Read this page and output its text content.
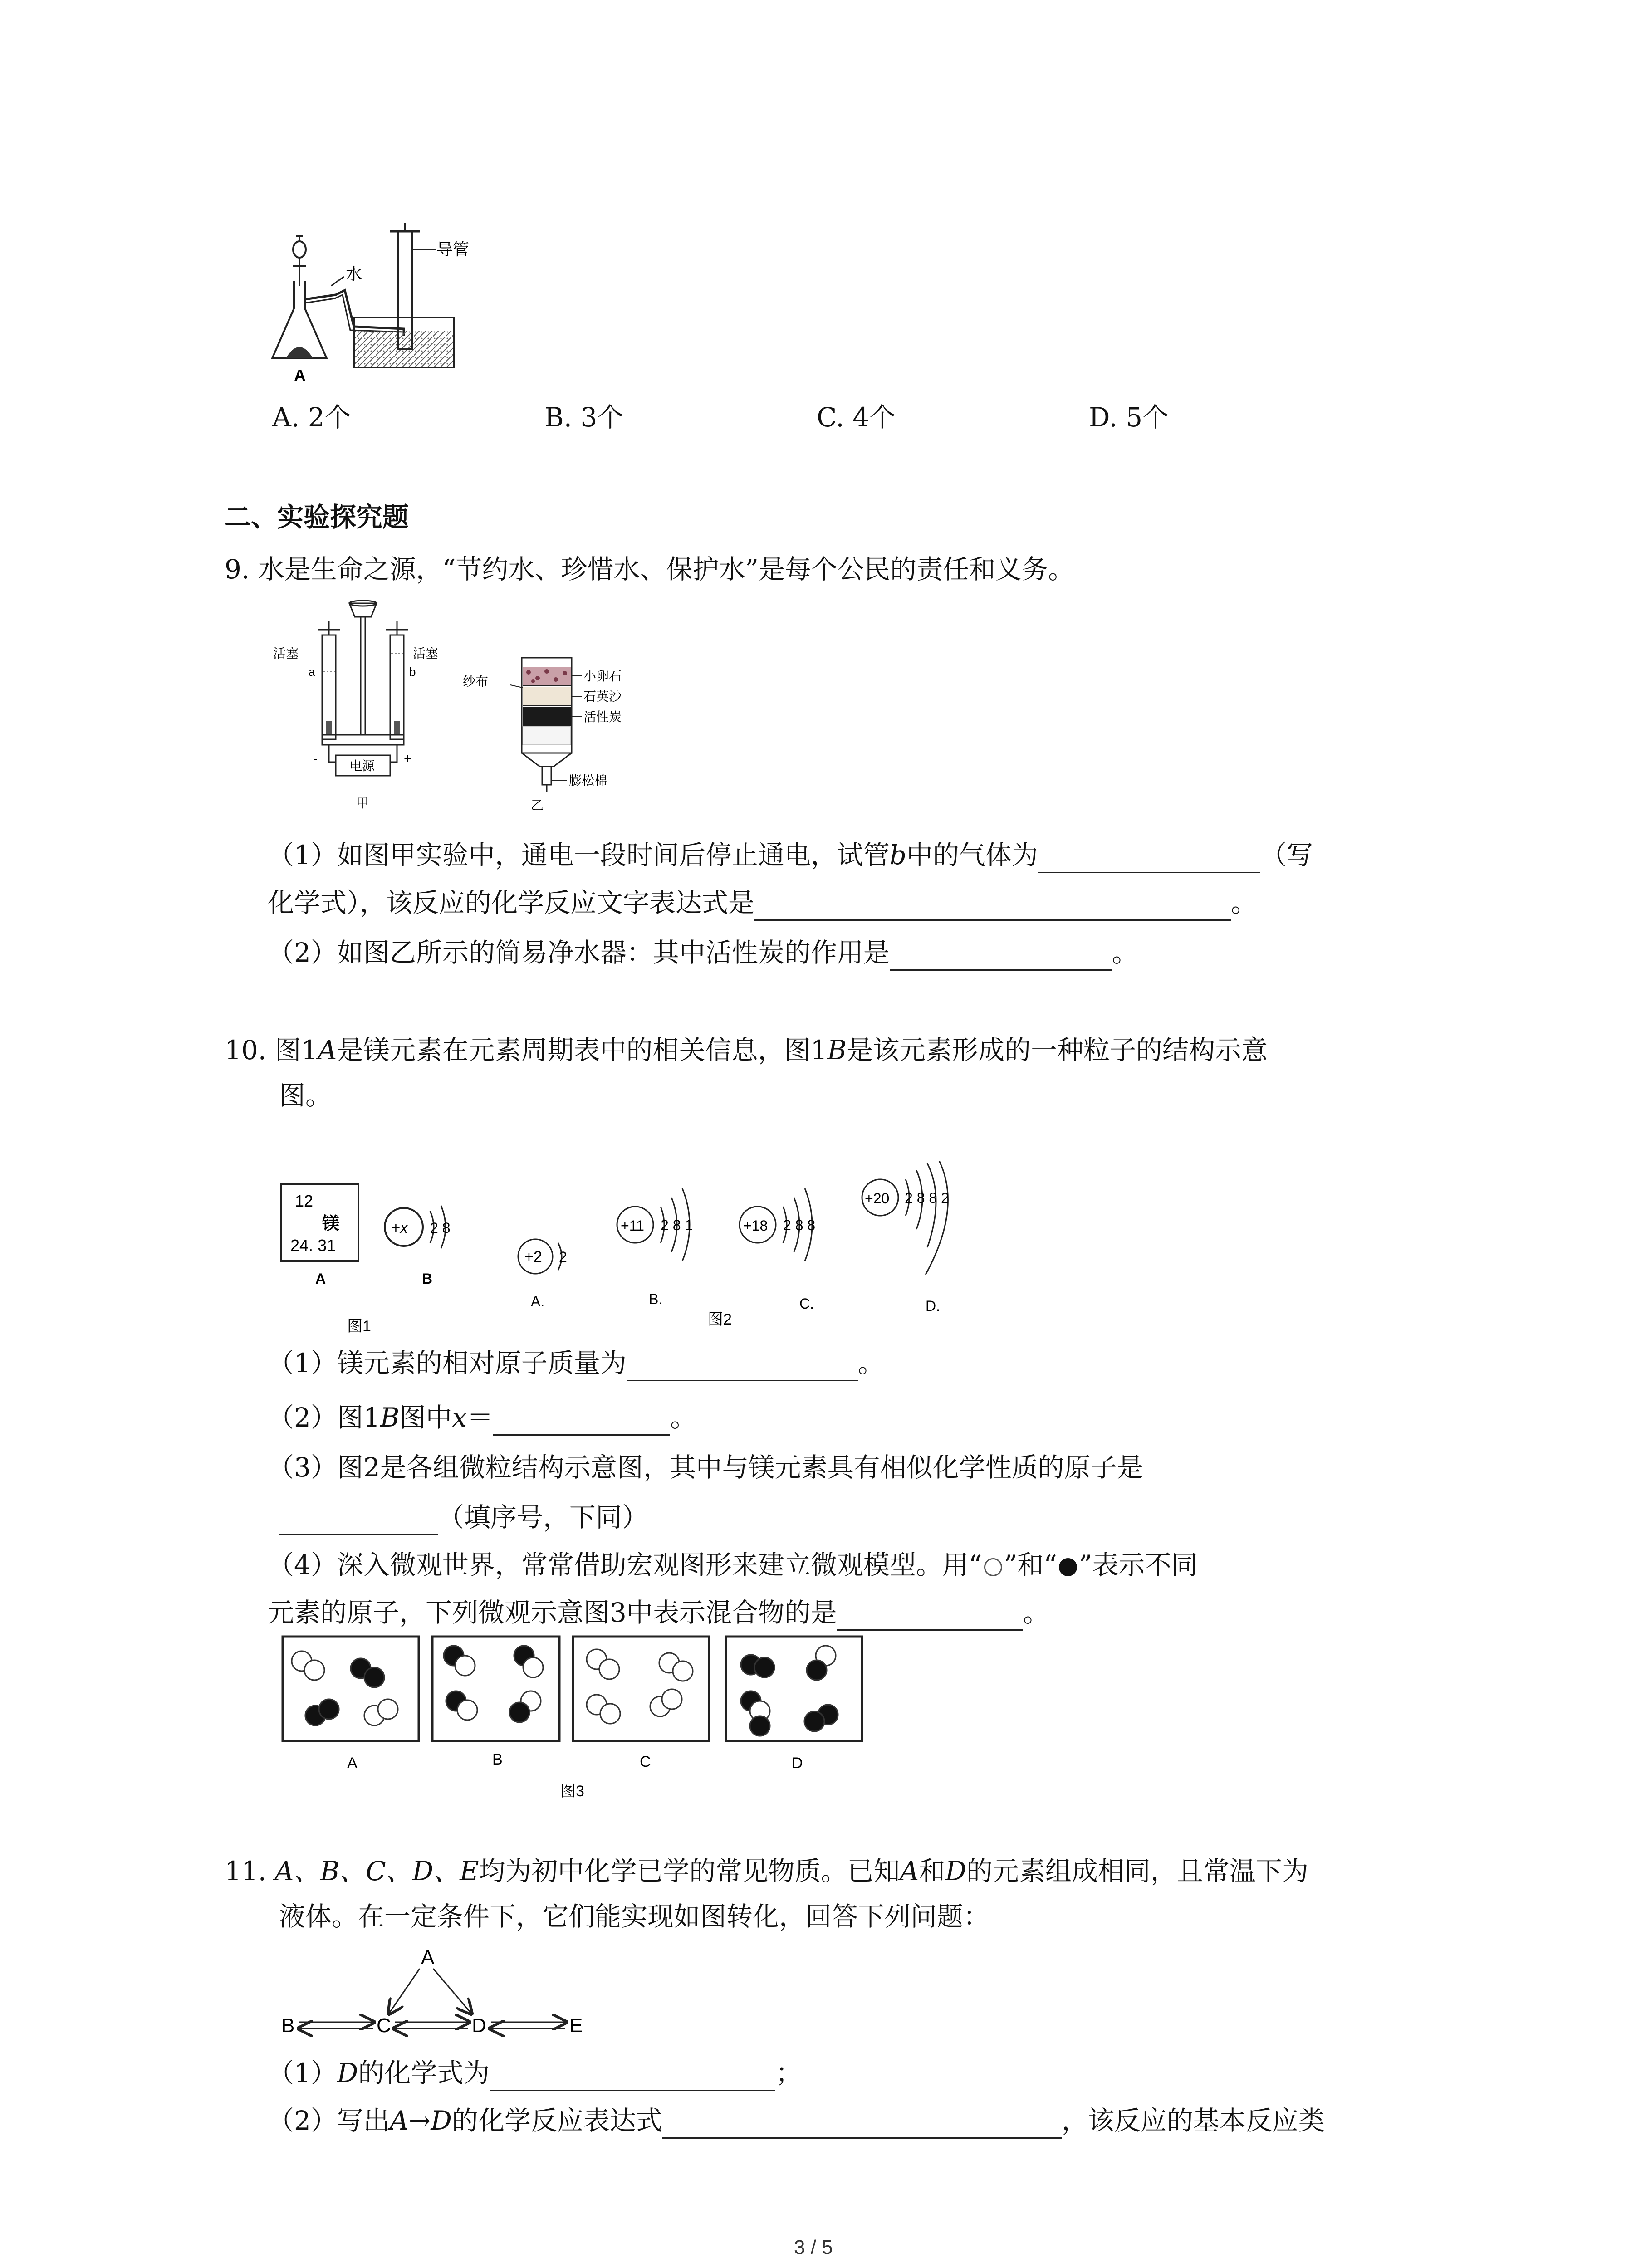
水
导管
A
A. 2个	B. 3个	C. 4个	D. 5个
二、实验探究题
9. 水是生命之源，“节约水、珍惜水、保护水”是每个公民的责任和义务。
活塞	活塞
a	b
-	+
电源
甲
纱布	小卵石
石英沙
活性炭
膨松棉
乙
（1）如图甲实验中，通电一段时间后停止通电，试管b中的气体为	（写
化学式），该反应的化学反应文字表达式是	。
（2）如图乙所示的简易净水器：其中活性炭的作用是	。
10. 图1A是镁元素在元素周期表中的相关信息，图1B是该元素形成的一种粒子的结构示意
图。
12
镁
24. 31
A
+x 2 8
B
图1
+2 2
A.
+11 2 8 1
B.
+18 2 8 8
C.
图2
+20 2 8 8 2
D.
（1）镁元素的相对原子质量为	。
（2）图1B图中x＝	。
（3）图2是各组微粒结构示意图，其中与镁元素具有相似化学性质的原子是
（填序号，下同）
（4）深入微观世界，常常借助宏观图形来建立微观模型。用“ ”和“ ”表示不同
元素的原子，下列微观示意图3中表示混合物的是	。
A	B	C	D
图3
11. A、B、C、D、E均为初中化学已学的常见物质。已知A和D的元素组成相同，且常温下为
液体。在一定条件下，它们能实现如图转化，回答下列问题：
A
B	C	D	E
（1）D的化学式为	；
（2）写出A→D的化学反应表达式	，该反应的基本反应类
3 / 5
